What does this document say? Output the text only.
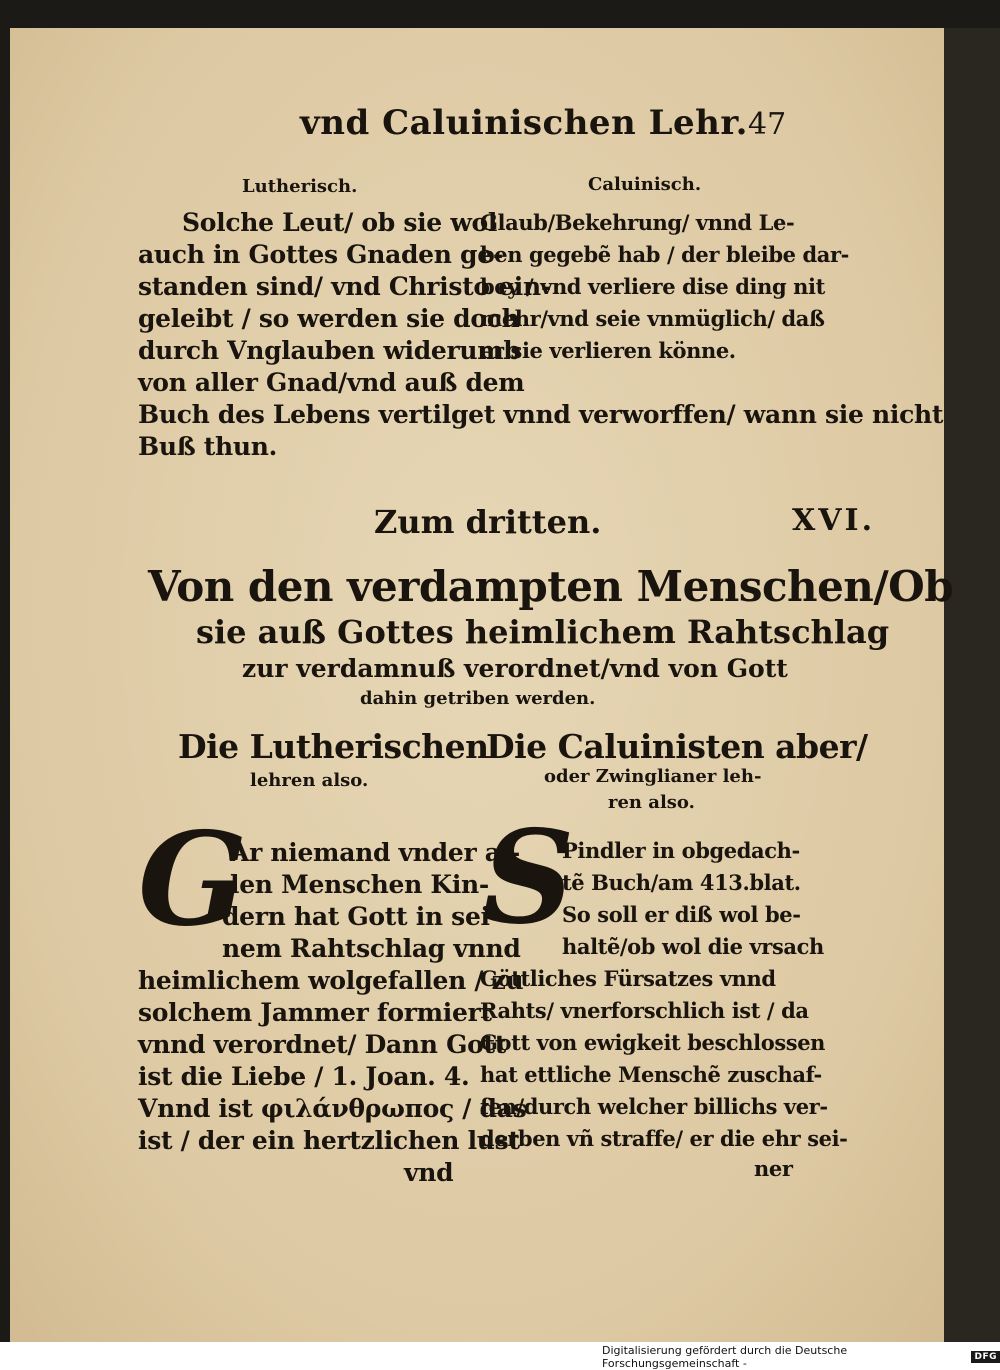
vnd Caluinischen Lehr. 47
Lutherisch.	Caluinisch.
Solche Leut/ ob sie wol
auch in Gottes Gnaden ge-
standen sind/ vnd Christo ein-
geleibt / so werden sie doch
durch Vnglauben widerumb
von aller Gnad/vnd auß dem
Glaub/Bekehrung/ vnnd Le-
ben gegebẽ hab / der bleibe dar-
bey / vnd verliere dise ding nit
mehr/vnd seie vnmüglich/ daß
er sie verlieren könne.
Buch des Lebens vertilget vnnd verworffen/ wann sie nicht
Buß thun.
Zum dritten.	XVI.
Von den verdampten Menschen/Ob
sie auß Gottes heimlichem Rahtschlag
zur verdamnuß verordnet/vnd von Gott
dahin getriben werden.
Die Lutherischen
lehren also.
Die Caluinisten aber/
oder Zwinglianer leh-
ren also.
G S
Ar niemand vnder al-
len Menschen Kin-
dern hat Gott in sei-
nem Rahtschlag vnnd
heimlichem wolgefallen / zu
solchem Jammer formiert
vnnd verordnet/ Dann Gott
ist die Liebe / 1. Joan. 4.
Vnnd ist φιλάνθρωπος / das
ist / der ein hertzlichen lust
vnd
Pindler in obgedach-
tẽ Buch/am 413.blat.
So soll er diß wol be-
haltẽ/ob wol die vrsach
Göttliches Fürsatzes vnnd
Rahts/ vnerforschlich ist / da
Gott von ewigkeit beschlossen
hat ettliche Menschẽ zuschaf-
fen/durch welcher billichs ver-
derben vñ straffe/ er die ehr sei-
ner
Digitalisierung gefördert durch die Deutsche Forschungsgemeinschaft -	DFG
